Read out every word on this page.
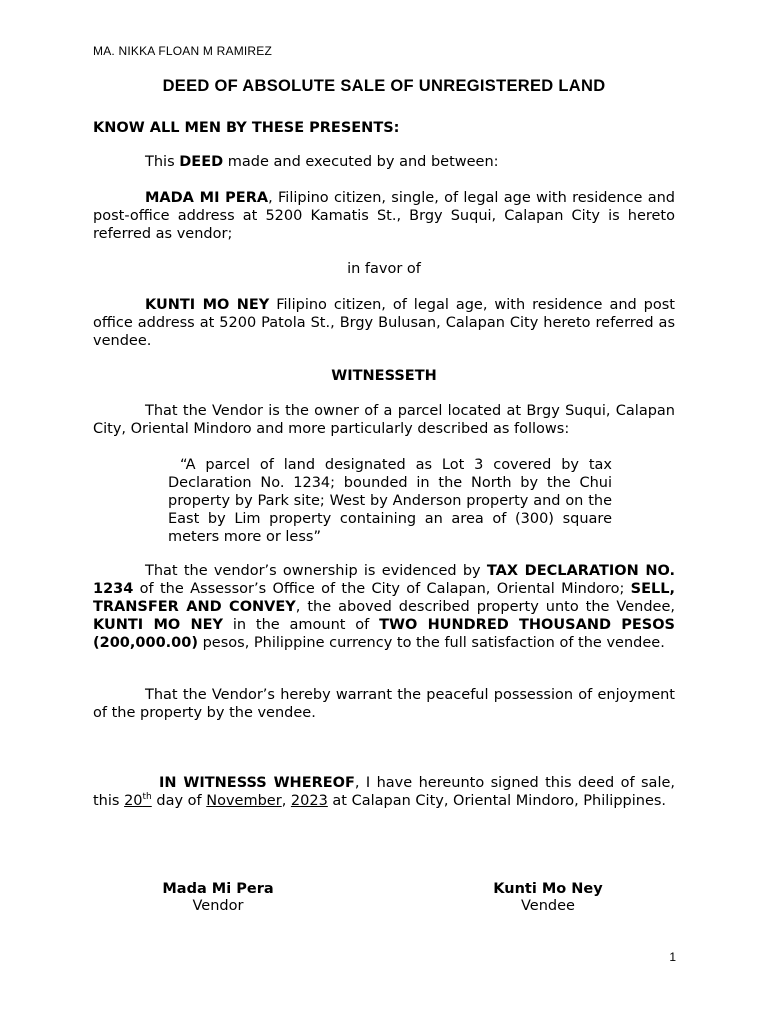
MA. NIKKA FLOAN M RAMIREZ
DEED OF ABSOLUTE SALE OF UNREGISTERED LAND
KNOW ALL MEN BY THESE PRESENTS:
This DEED made and executed by and between:
MADA MI PERA, Filipino citizen, single, of legal age with residence and post-office address at 5200 Kamatis St., Brgy Suqui, Calapan City is hereto referred as vendor;
in favor of
KUNTI MO NEY Filipino citizen, of legal age, with residence and post office address at 5200 Patola St., Brgy Bulusan, Calapan City hereto referred as vendee.
WITNESSETH
That the Vendor is the owner of a parcel located at Brgy Suqui, Calapan City, Oriental Mindoro and more particularly described as follows:
“A parcel of land designated as Lot 3 covered by tax Declaration No. 1234; bounded in the North by the Chui property by Park site; West by Anderson property and on the East by Lim property containing an area of (300) square meters more or less”
That the vendor’s ownership is evidenced by TAX DECLARATION NO. 1234 of the Assessor’s Office of the City of Calapan, Oriental Mindoro; SELL, TRANSFER AND CONVEY, the aboved described property unto the Vendee, KUNTI MO NEY in the amount of TWO HUNDRED THOUSAND PESOS (200,000.00) pesos, Philippine currency to the full satisfaction of the vendee.
That the Vendor’s hereby warrant the peaceful possession of enjoyment of the property by the vendee.
IN WITNESSS WHEREOF, I have hereunto signed this deed of sale, this 20th day of November, 2023 at Calapan City, Oriental Mindoro, Philippines.
Mada Mi Pera
Vendor
Kunti Mo Ney
Vendee
1
